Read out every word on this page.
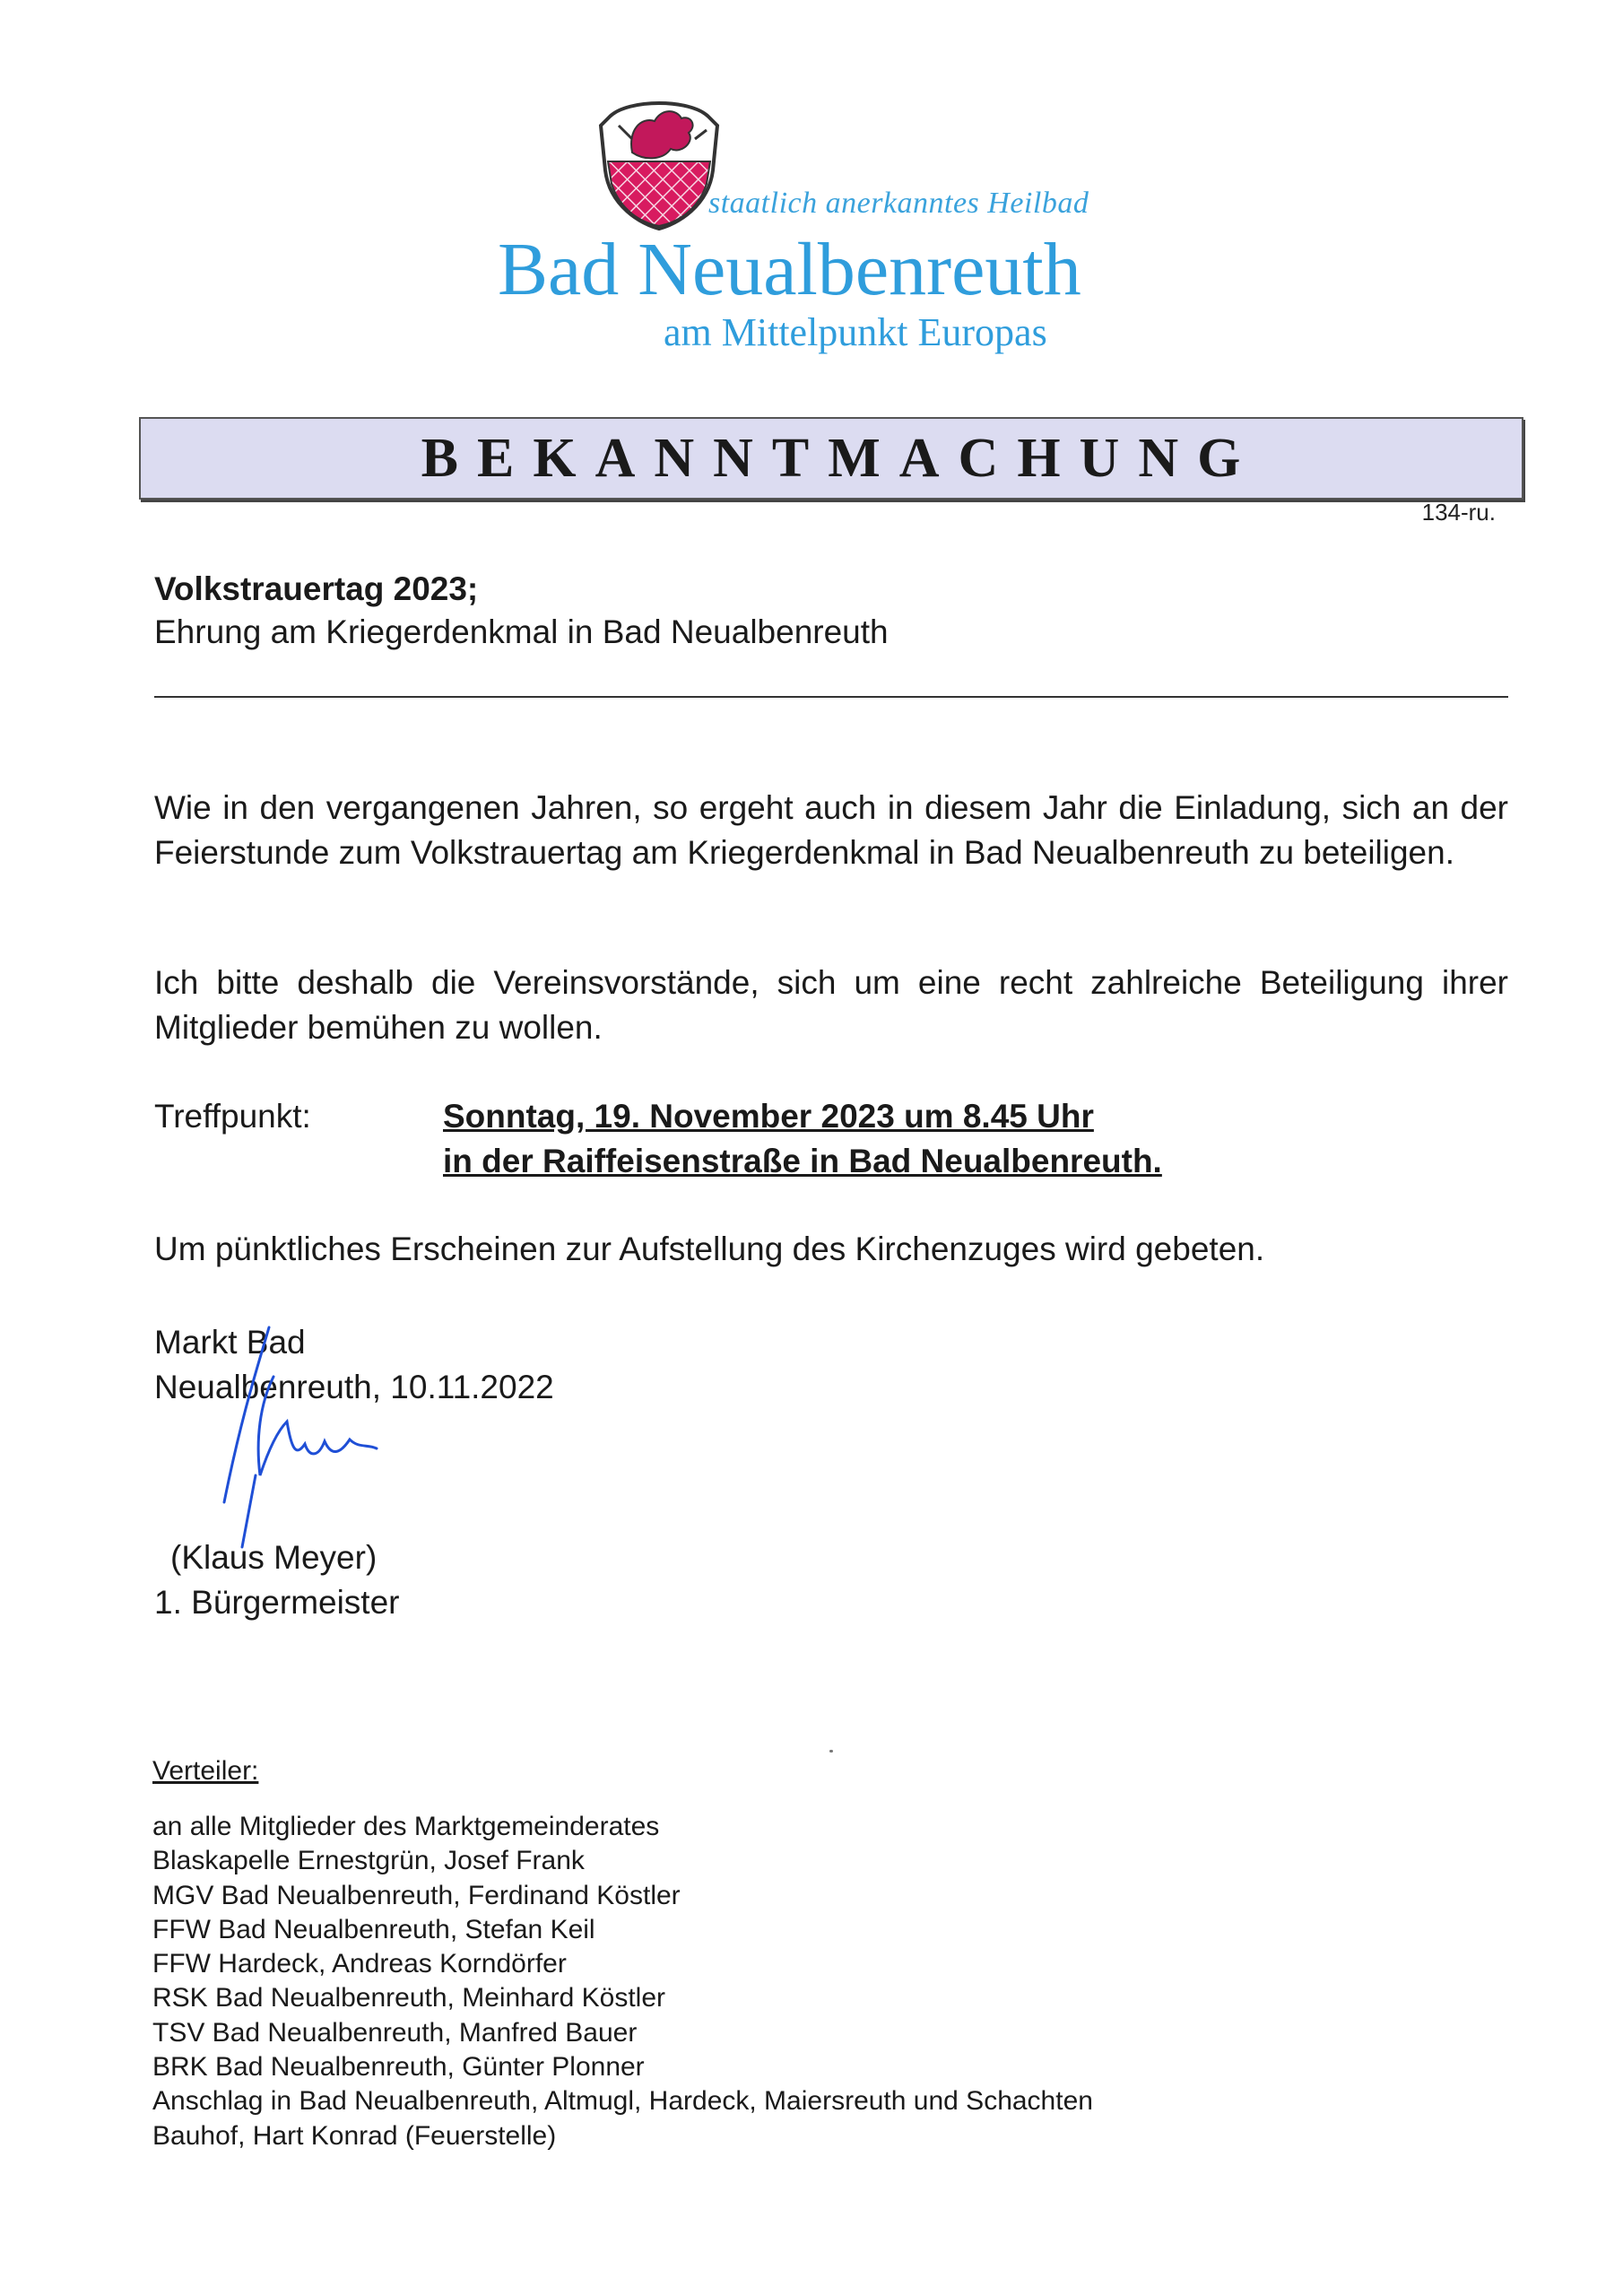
staatlich anerkanntes Heilbad
Bad Neualbenreuth
am Mittelpunkt Europas
BEKANNTMACHUNG
134-ru.
Volkstrauertag 2023;
Ehrung am Kriegerdenkmal in Bad Neualbenreuth
Wie in den vergangenen Jahren, so ergeht auch in diesem Jahr die Einladung, sich an der Feierstunde zum Volkstrauertag am Kriegerdenkmal in Bad Neualbenreuth zu beteiligen.
Ich bitte deshalb die Vereinsvorstände, sich um eine recht zahlreiche Beteiligung ihrer Mitglieder bemühen zu wollen.
Treffpunkt:	Sonntag, 19. November 2023 um 8.45 Uhr
in der Raiffeisenstraße in Bad Neualbenreuth.
Um pünktliches Erscheinen zur Aufstellung des Kirchenzuges wird gebeten.
Markt Bad
Neualbenreuth, 10.11.2022
(Klaus Meyer)
1. Bürgermeister
Verteiler:
an alle Mitglieder des Marktgemeinderates
Blaskapelle Ernestgrün, Josef Frank
MGV Bad Neualbenreuth, Ferdinand Köstler
FFW Bad Neualbenreuth, Stefan Keil
FFW Hardeck, Andreas Korndörfer
RSK Bad Neualbenreuth, Meinhard Köstler
TSV Bad Neualbenreuth, Manfred Bauer
BRK Bad Neualbenreuth, Günter Plonner
Anschlag in Bad Neualbenreuth, Altmugl, Hardeck, Maiersreuth und Schachten
Bauhof, Hart Konrad (Feuerstelle)
